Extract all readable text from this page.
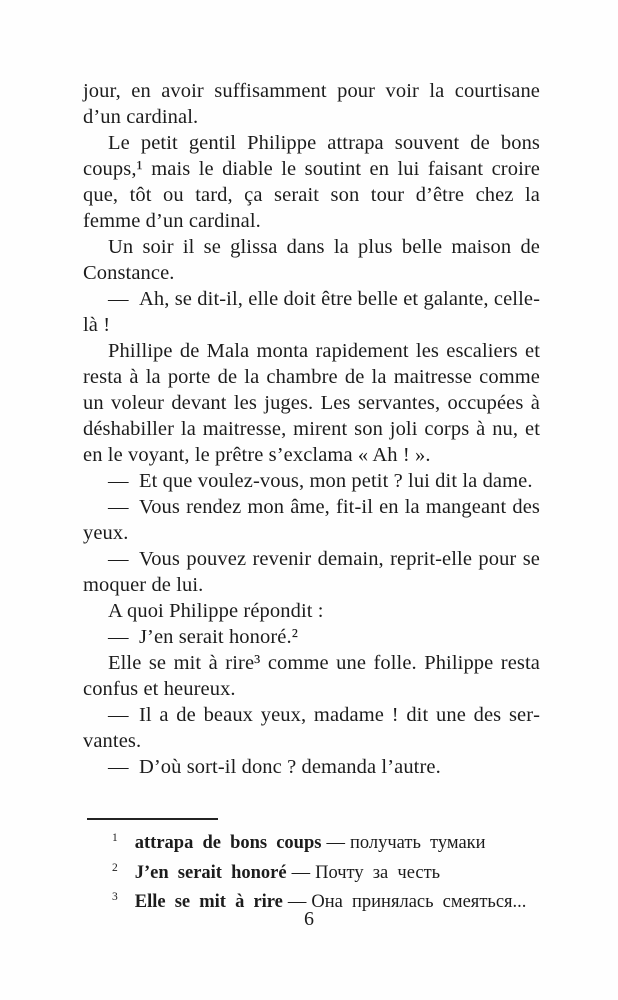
jour, en avoir suffisamment pour voir la courtisane d’un cardinal.

Le petit gentil Philippe attrapa souvent de bons coups,¹ mais le diable le soutint en lui faisant croire que, tôt ou tard, ça serait son tour d’être chez la femme d’un cardinal.

Un soir il se glissa dans la plus belle maison de Constance.

— Ah, se dit-il, elle doit être belle et galante, celle-là !

Phillipe de Mala monta rapidement les escaliers et resta à la porte de la chambre de la maitresse comme un voleur devant les juges. Les servantes, occupées à déshabiller la maitresse, mirent son joli corps à nu, et en le voyant, le prêtre s’exclama « Ah ! ».

— Et que voulez-vous, mon petit ? lui dit la dame.

— Vous rendez mon âme, fit-il en la mangeant des yeux.

— Vous pouvez revenir demain, reprit-elle pour se moquer de lui.

A quoi Philippe répondit :

— J’en serait honoré.²

Elle se mit à rire³ comme une folle. Philippe resta confus et heureux.

— Il a de beaux yeux, madame ! dit une des servantes.

— D’où sort-il donc ? demanda l’autre.

$^1$ attrapa de bons coups — получать тумаки
$^2$ J’en serait honoré — Почту за честь
$^3$ Elle se mit à rire — Она принялась смеяться...
6
